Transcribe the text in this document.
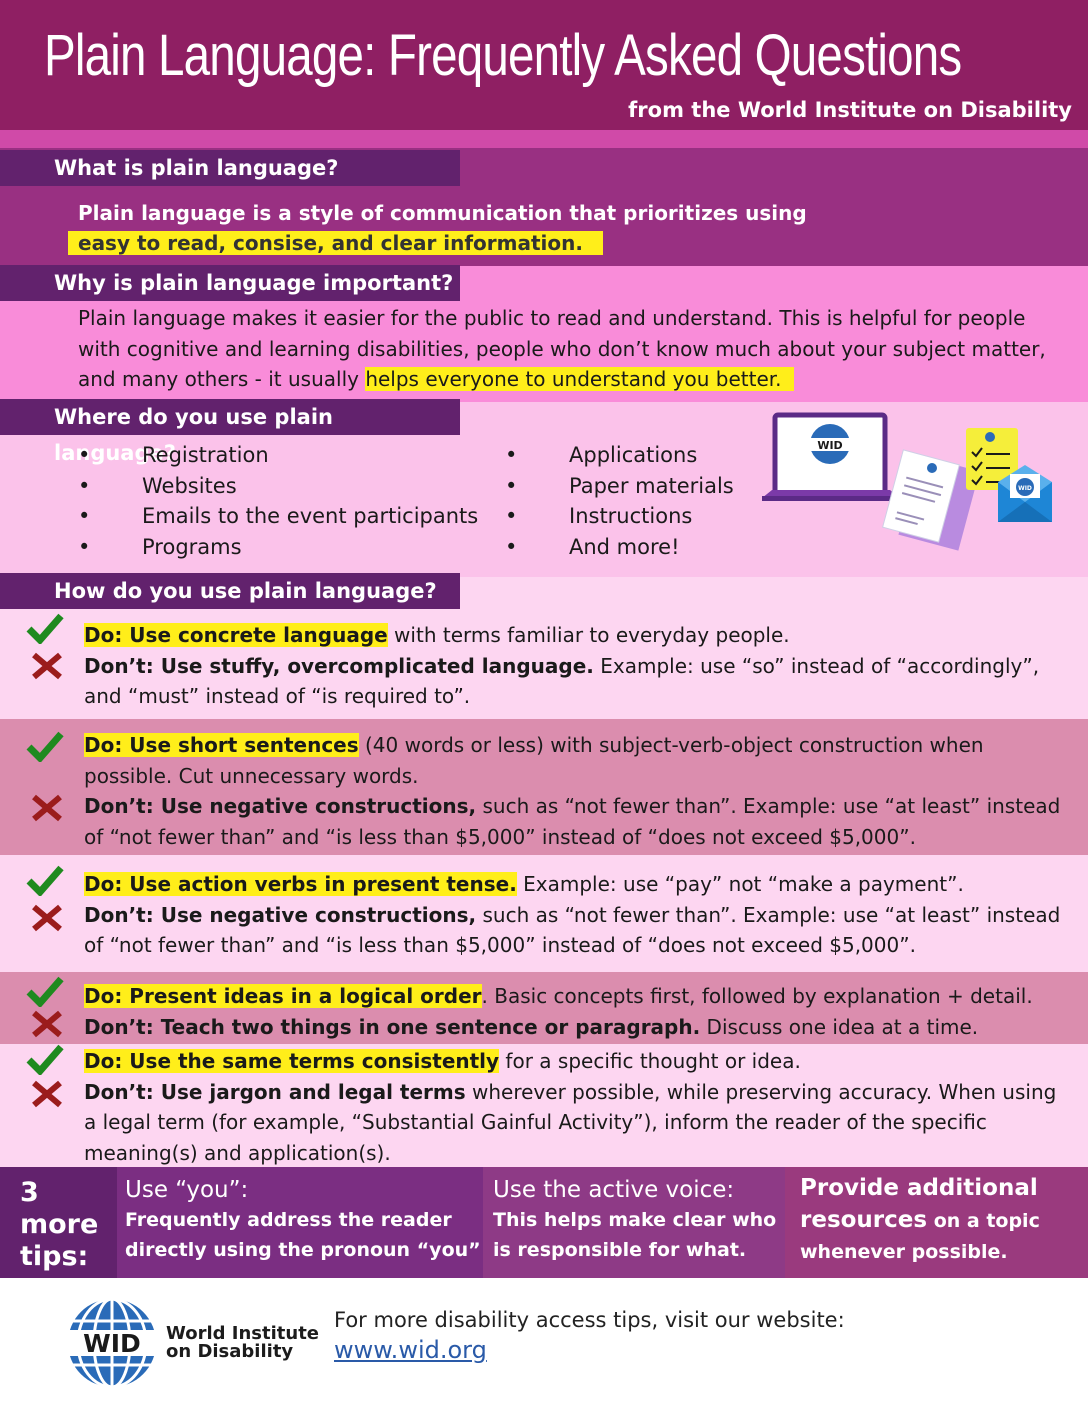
Plain Language: Frequently Asked Questions
from the World Institute on Disability
What is plain language?
Plain language is a style of communication that prioritizes using
easy to read, consise, and clear information.
Why is plain language important?
Plain language makes it easier for the public to read and understand. This is helpful for people with cognitive and learning disabilities, people who don’t know much about your subject matter, and many others - it usually helps everyone to understand you better.
Where do you use plain language?
• Registration
• Websites
• Emails to the event participants
• Programs
• Applications
• Paper materials
• Instructions
• And more!
WID
WID
How do you use plain language?
Do: Use concrete language with terms familiar to everyday people.
Don’t: Use stuffy, overcomplicated language. Example: use “so” instead of “accordingly”, and “must” instead of “is required to”.
Do: Use short sentences (40 words or less) with subject-verb-object construction when possible. Cut unnecessary words.
Don’t: Use negative constructions, such as “not fewer than”. Example: use “at least” instead of “not fewer than” and “is less than $5,000” instead of “does not exceed $5,000”.
Do: Use action verbs in present tense. Example: use “pay” not “make a payment”.
Don’t: Use negative constructions, such as “not fewer than”. Example: use “at least” instead of “not fewer than” and “is less than $5,000” instead of “does not exceed $5,000”.
Do: Present ideas in a logical order. Basic concepts first, followed by explanation + detail.
Don’t: Teach two things in one sentence or paragraph. Discuss one idea at a time.
Do: Use the same terms consistently for a specific thought or idea.
Don’t: Use jargon and legal terms wherever possible, while preserving accuracy. When using a legal term (for example, “Substantial Gainful Activity”), inform the reader of the specific meaning(s) and application(s).
3 more tips:
Use “you”:
Frequently address the reader directly using the pronoun “you”
Use the active voice:
This helps make clear who is responsible for what.
Provide additional resources on a topic whenever possible.
WID World Institute
on Disability
For more disability access tips, visit our website:
www.wid.org
